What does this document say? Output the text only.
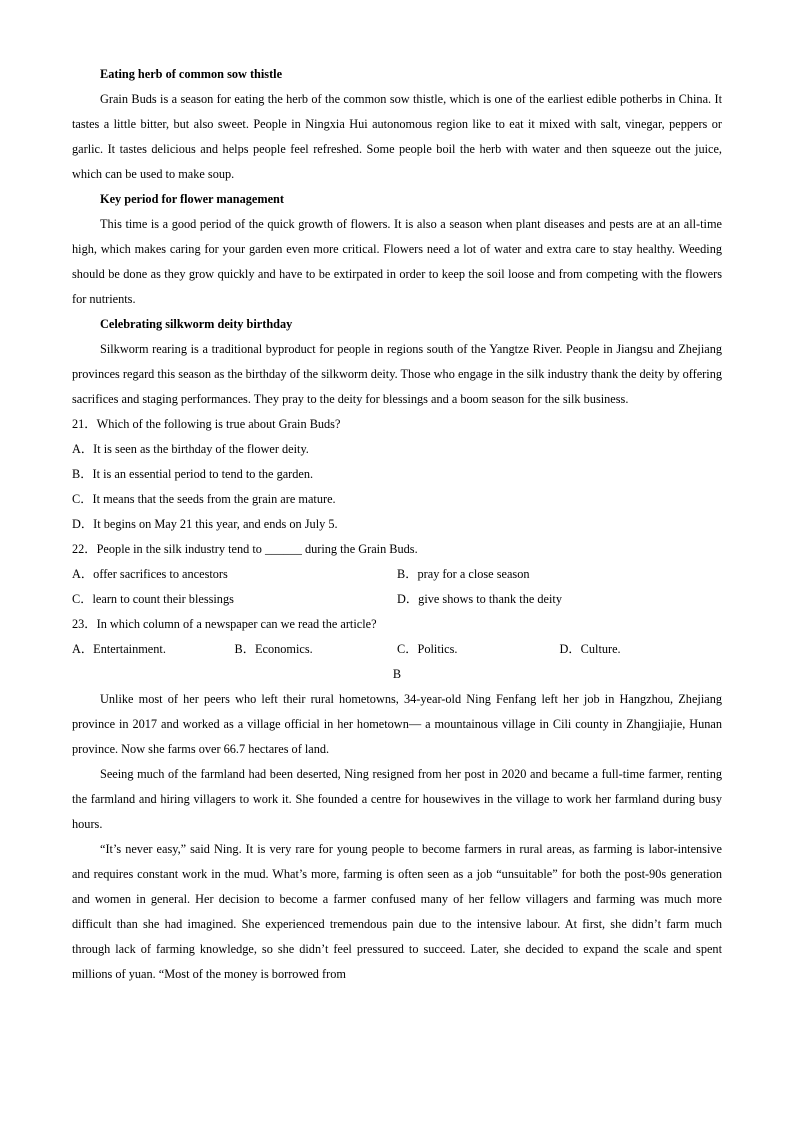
Eating herb of common sow thistle

Grain Buds is a season for eating the herb of the common sow thistle, which is one of the earliest edible potherbs in China. It tastes a little bitter, but also sweet. People in Ningxia Hui autonomous region like to eat it mixed with salt, vinegar, peppers or garlic. It tastes delicious and helps people feel refreshed. Some people boil the herb with water and then squeeze out the juice, which can be used to make soup.

Key period for flower management

This time is a good period of the quick growth of flowers. It is also a season when plant diseases and pests are at an all-time high, which makes caring for your garden even more critical. Flowers need a lot of water and extra care to stay healthy. Weeding should be done as they grow quickly and have to be extirpated in order to keep the soil loose and from competing with the flowers for nutrients.

Celebrating silkworm deity birthday

Silkworm rearing is a traditional byproduct for people in regions south of the Yangtze River. People in Jiangsu and Zhejiang provinces regard this season as the birthday of the silkworm deity. Those who engage in the silk industry thank the deity by offering sacrifices and staging performances. They pray to the deity for blessings and a boom season for the silk business.

21．Which of the following is true about Grain Buds?

A．It is seen as the birthday of the flower deity.

B．It is an essential period to tend to the garden.

C．It means that the seeds from the grain are mature.

D．It begins on May 21 this year, and ends on July 5.

22．People in the silk industry tend to ______ during the Grain Buds.

A．offer sacrifices to ancestors	B．pray for a close season
C．learn to count their blessings	D．give shows to thank the deity

23．In which column of a newspaper can we read the article?

A．Entertainment.	B．Economics.	C．Politics.	D．Culture.

B

Unlike most of her peers who left their rural hometowns, 34-year-old Ning Fenfang left her job in Hangzhou, Zhejiang province in 2017 and worked as a village official in her hometown— a mountainous village in Cili county in Zhangjiajie, Hunan province. Now she farms over 66.7 hectares of land.

Seeing much of the farmland had been deserted, Ning resigned from her post in 2020 and became a full-time farmer, renting the farmland and hiring villagers to work it. She founded a centre for housewives in the village to work her farmland during busy hours.

“It’s never easy,” said Ning. It is very rare for young people to become farmers in rural areas, as farming is labor-intensive and requires constant work in the mud. What’s more, farming is often seen as a job “unsuitable” for both the post-90s generation and women in general. Her decision to become a farmer confused many of her fellow villagers and farming was much more difficult than she had imagined. She experienced tremendous pain due to the intensive labour. At first, she didn’t farm much through lack of farming knowledge, so she didn’t feel pressured to succeed. Later, she decided to expand the scale and spent millions of yuan. “Most of the money is borrowed from
